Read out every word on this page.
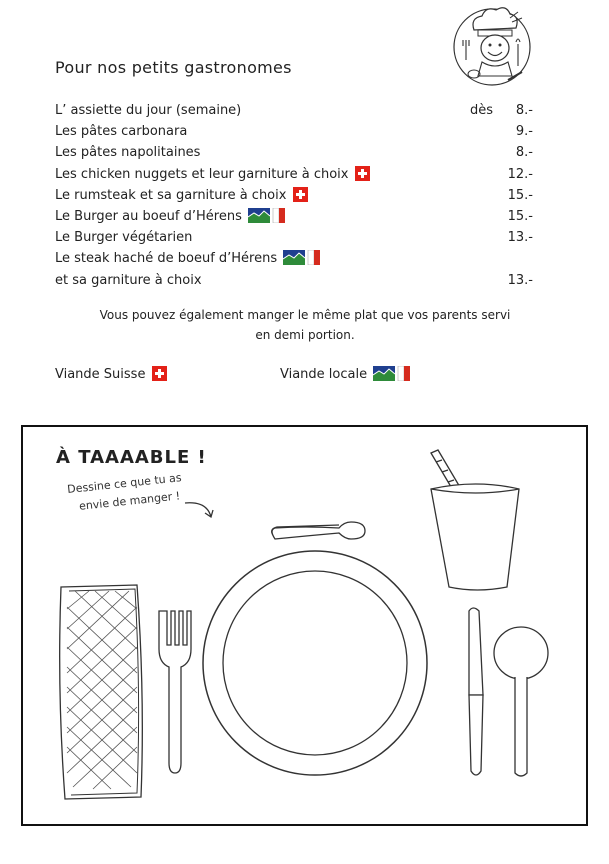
Pour nos petits gastronomes
L’ assiette du jour (semaine)	dès 8.-
Les pâtes carbonara	9.-
Les pâtes napolitaines	8.-
Les chicken nuggets et leur garniture à choix	12.-
Le rumsteak et sa garniture à choix	15.-
Le Burger au boeuf d’Hérens	15.-
Le Burger végétarien	13.-
Le steak haché de boeuf d’Hérens
et sa garniture à choix	13.-
Vous pouvez également manger le même plat que vos parents servi
en demi portion.
Viande Suisse	Viande locale
À TAAAABLE !
Dessine ce que tu as
envie de manger !
